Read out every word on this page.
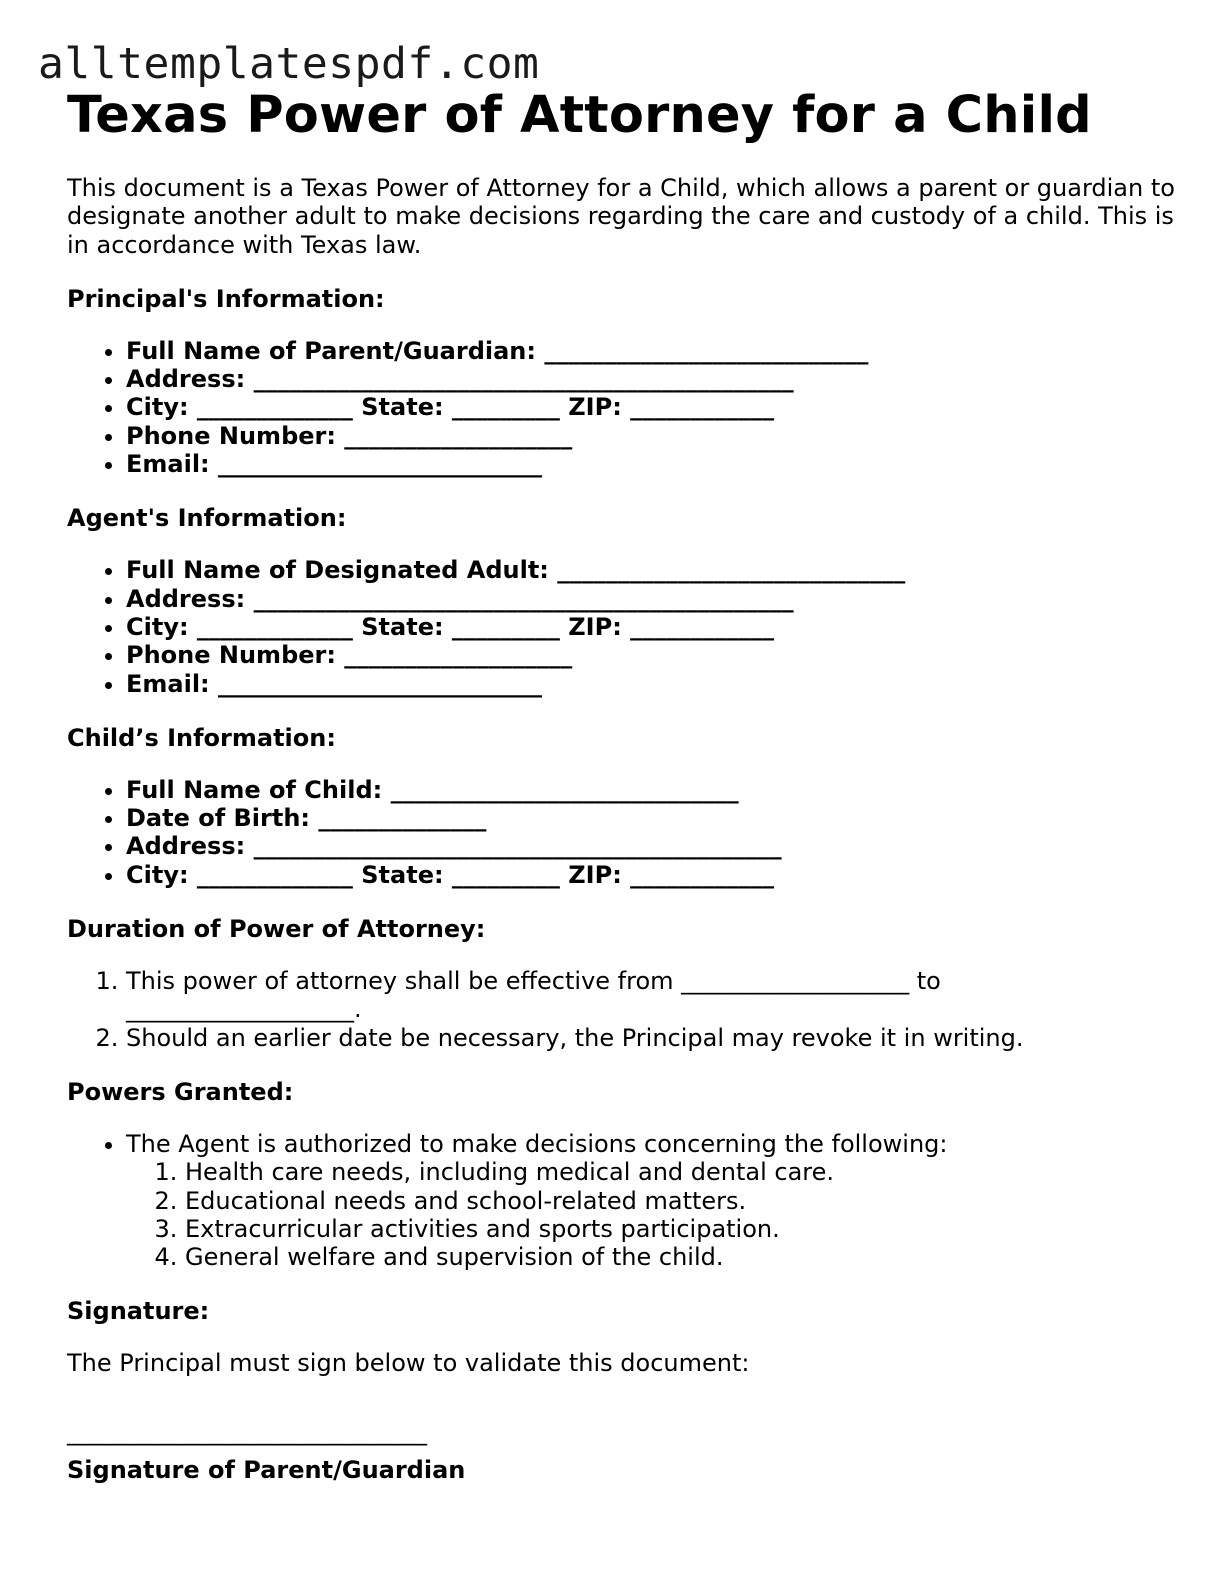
alltemplatespdf.com
Texas Power of Attorney for a Child

This document is a Texas Power of Attorney for a Child, which allows a parent or guardian to designate another adult to make decisions regarding the care and custody of a child. This is in accordance with Texas law.

Principal's Information:
• Full Name of Parent/Guardian: ___________________________
• Address: _____________________________________________
• City: _____________ State: _________ ZIP: ____________
• Phone Number: ___________________
• Email: ___________________________
Agent's Information:
• Full Name of Designated Adult: _____________________________
• Address: _____________________________________________
• City: _____________ State: _________ ZIP: ____________
• Phone Number: ___________________
• Email: ___________________________
Child’s Information:
• Full Name of Child: _____________________________
• Date of Birth: ______________
• Address: ____________________________________________
• City: _____________ State: _________ ZIP: ____________
Duration of Power of Attorney:
1. This power of attorney shall be effective from ___________________ to ___________________.
2. Should an earlier date be necessary, the Principal may revoke it in writing.
Powers Granted:
• The Agent is authorized to make decisions concerning the following:
1. Health care needs, including medical and dental care.
2. Educational needs and school-related matters.
3. Extracurricular activities and sports participation.
4. General welfare and supervision of the child.
Signature:

The Principal must sign below to validate this document:

______________________________
Signature of Parent/Guardian
